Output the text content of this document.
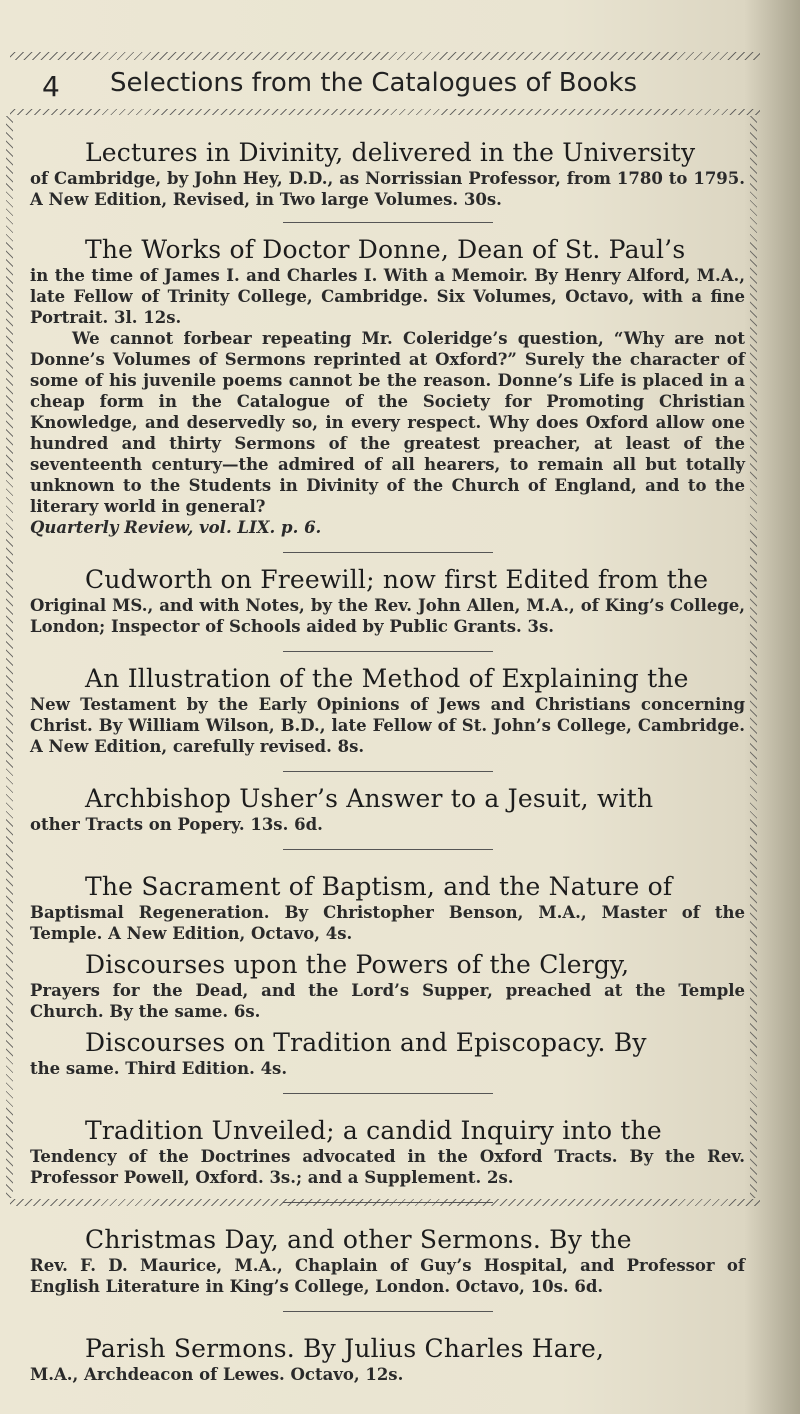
4 Selections from the Catalogues of Books
Lectures in Divinity, delivered in the University
of Cambridge, by John Hey, D.D., as Norrissian Professor, from 1780 to 1795. A New Edition, Revised, in Two large Volumes. 30s.
The Works of Doctor Donne, Dean of St. Paul’s
in the time of James I. and Charles I. With a Memoir. By Henry Alford, M.A., late Fellow of Trinity College, Cambridge. Six Volumes, Octavo, with a fine Portrait. 3l. 12s.
We cannot forbear repeating Mr. Coleridge’s question, “Why are not Donne’s Volumes of Sermons reprinted at Oxford?” Surely the character of some of his juvenile poems cannot be the reason. Donne’s Life is placed in a cheap form in the Catalogue of the Society for Promoting Christian Knowledge, and deservedly so, in every respect. Why does Oxford allow one hundred and thirty Sermons of the greatest preacher, at least of the seventeenth century—the admired of all hearers, to remain all but totally unknown to the Students in Divinity of the Church of England, and to the literary world in general?
Quarterly Review, vol. LIX. p. 6.
Cudworth on Freewill; now first Edited from the
Original MS., and with Notes, by the Rev. John Allen, M.A., of King’s College, London; Inspector of Schools aided by Public Grants. 3s.
An Illustration of the Method of Explaining the
New Testament by the Early Opinions of Jews and Christians concerning Christ. By William Wilson, B.D., late Fellow of St. John’s College, Cambridge. A New Edition, carefully revised. 8s.
Archbishop Usher’s Answer to a Jesuit, with
other Tracts on Popery. 13s. 6d.
The Sacrament of Baptism, and the Nature of
Baptismal Regeneration. By Christopher Benson, M.A., Master of the Temple. A New Edition, Octavo, 4s.
Discourses upon the Powers of the Clergy,
Prayers for the Dead, and the Lord’s Supper, preached at the Temple Church. By the same. 6s.
Discourses on Tradition and Episcopacy. By
the same. Third Edition. 4s.
Tradition Unveiled; a candid Inquiry into the
Tendency of the Doctrines advocated in the Oxford Tracts. By the Rev. Professor Powell, Oxford. 3s.; and a Supplement. 2s.
Christmas Day, and other Sermons. By the
Rev. F. D. Maurice, M.A., Chaplain of Guy’s Hospital, and Professor of English Literature in King’s College, London. Octavo, 10s. 6d.
Parish Sermons. By Julius Charles Hare,
M.A., Archdeacon of Lewes. Octavo, 12s.
